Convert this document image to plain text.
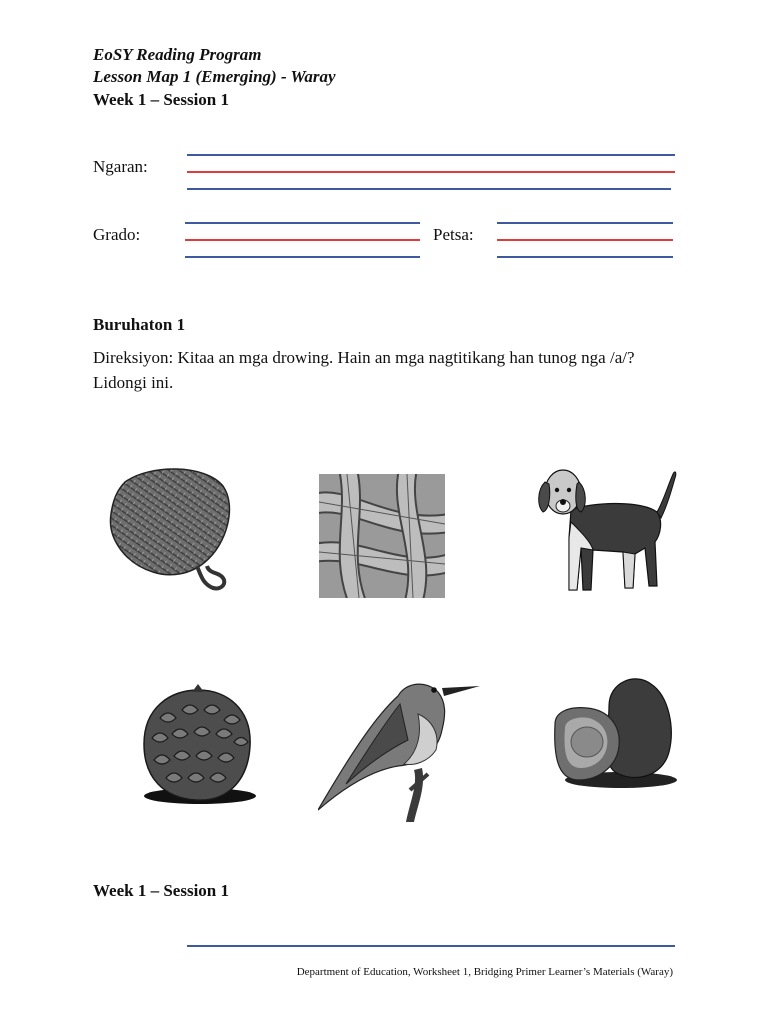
EoSY Reading Program
Lesson Map 1 (Emerging) - Waray
Week 1 – Session 1
Ngaran:
Grado:	Petsa:
Buruhaton 1
Direksiyon: Kitaa an mga drowing. Hain an mga nagtitikang han tunog nga /a/? Lidongi ini.
Week 1 – Session 1
Department of Education, Worksheet 1, Bridging Primer Learner’s Materials (Waray)
